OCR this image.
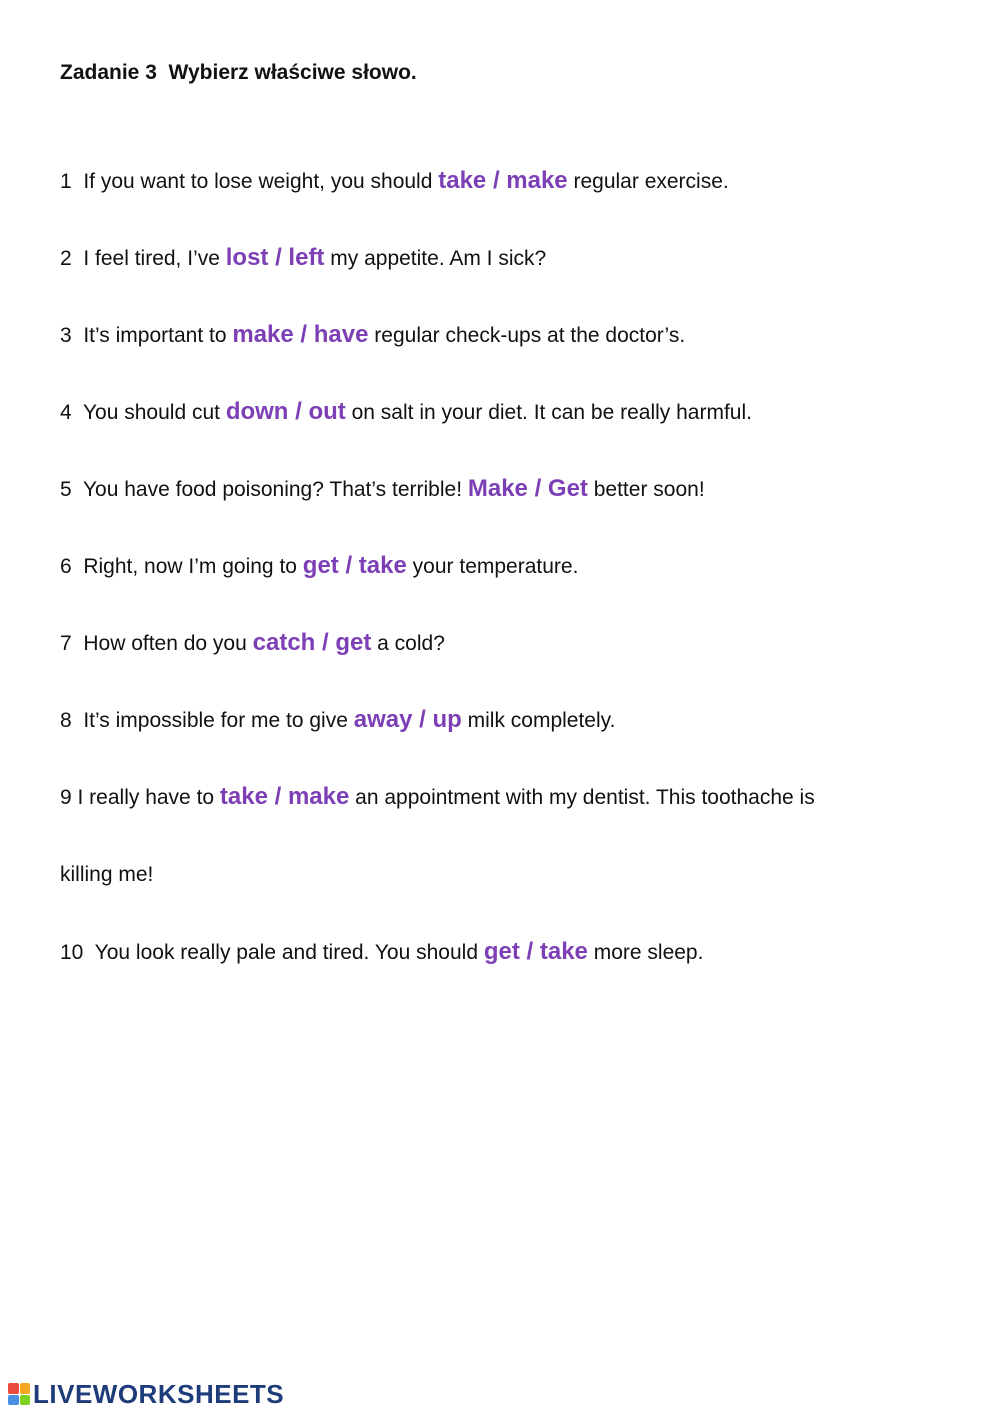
Zadanie 3  Wybierz właściwe słowo.
1  If you want to lose weight, you should take / make regular exercise.
2  I feel tired, I’ve lost / left my appetite. Am I sick?
3  It’s important to make / have regular check-ups at the doctor’s.
4  You should cut down / out on salt in your diet. It can be really harmful.
5  You have food poisoning? That’s terrible! Make / Get better soon!
6  Right, now I’m going to get / take your temperature.
7  How often do you catch / get a cold?
8  It’s impossible for me to give away / up milk completely.
9 I really have to take / make an appointment with my dentist. This toothache is
killing me!
10  You look really pale and tired. You should get / take more sleep.
LIVEWORKSHEETS
